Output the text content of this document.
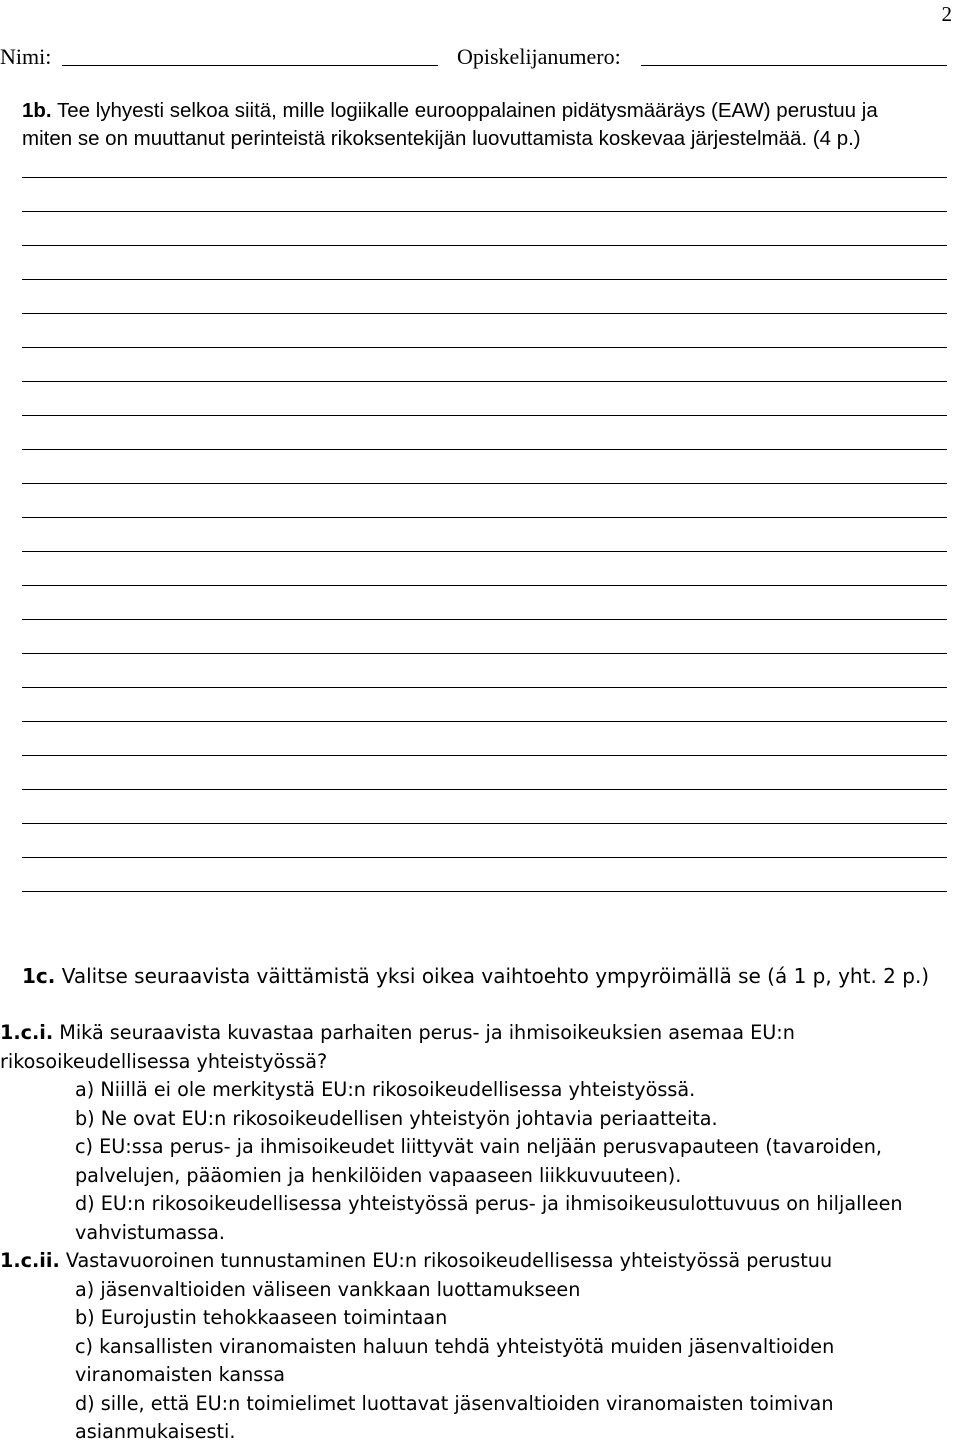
2
Nimi:	Opiskelijanumero:
1b. Tee lyhyesti selkoa siitä, mille logiikalle eurooppalainen pidätysmääräys (EAW) perustuu ja
miten se on muuttanut perinteistä rikoksentekijän luovuttamista koskevaa järjestelmää. (4 p.)
1c. Valitse seuraavista väittämistä yksi oikea vaihtoehto ympyröimällä se (á 1 p, yht. 2 p.)
1.c.i. Mikä seuraavista kuvastaa parhaiten perus- ja ihmisoikeuksien asemaa EU:n
rikosoikeudellisessa yhteistyössä?
a) Niillä ei ole merkitystä EU:n rikosoikeudellisessa yhteistyössä.
b) Ne ovat EU:n rikosoikeudellisen yhteistyön johtavia periaatteita.
c) EU:ssa perus- ja ihmisoikeudet liittyvät vain neljään perusvapauteen (tavaroiden,
palvelujen, pääomien ja henkilöiden vapaaseen liikkuvuuteen).
d) EU:n rikosoikeudellisessa yhteistyössä perus- ja ihmisoikeusulottuvuus on hiljalleen
vahvistumassa.
1.c.ii. Vastavuoroinen tunnustaminen EU:n rikosoikeudellisessa yhteistyössä perustuu
a) jäsenvaltioiden väliseen vankkaan luottamukseen
b) Eurojustin tehokkaaseen toimintaan
c) kansallisten viranomaisten haluun tehdä yhteistyötä muiden jäsenvaltioiden
viranomaisten kanssa
d) sille, että EU:n toimielimet luottavat jäsenvaltioiden viranomaisten toimivan
asianmukaisesti.
